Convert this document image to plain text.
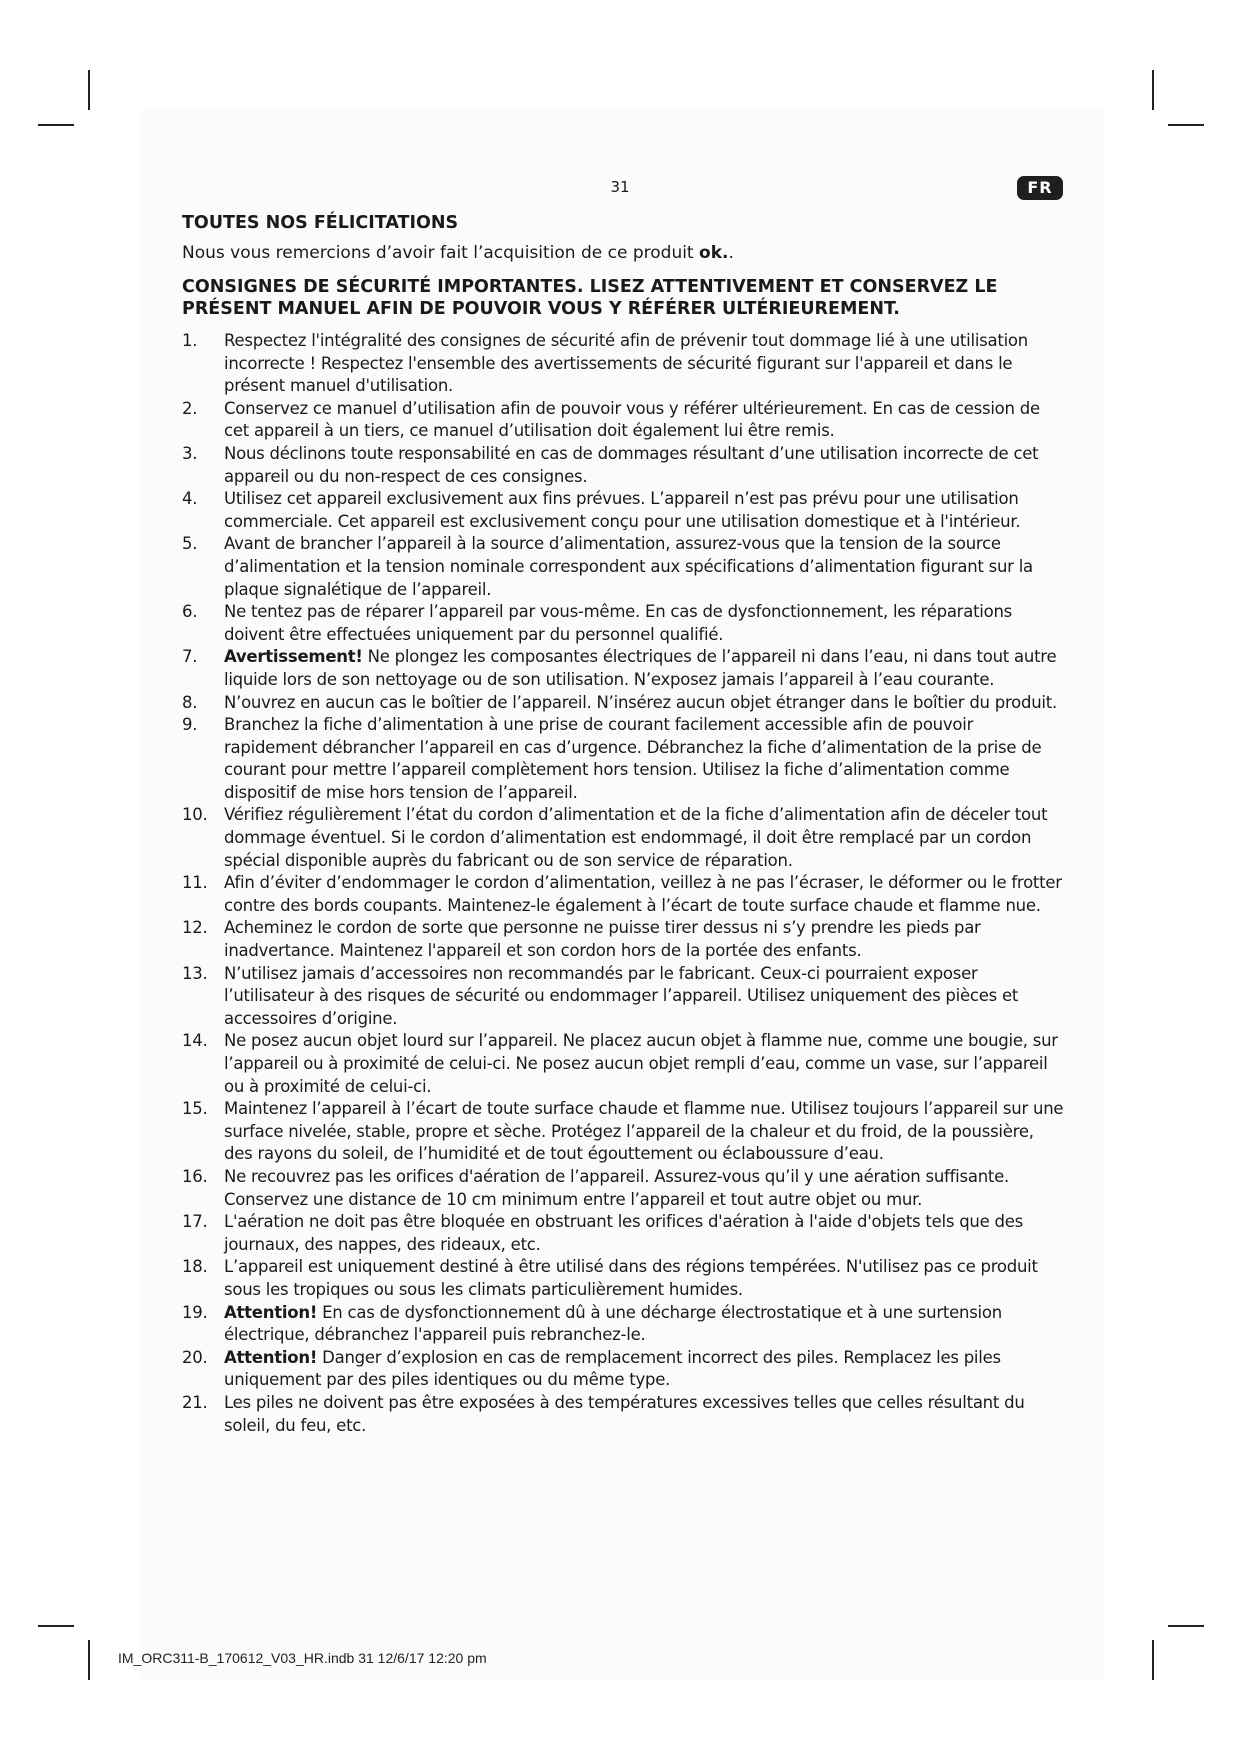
31	FR
TOUTES NOS FÉLICITATIONS

Nous vous remercions d’avoir fait l’acquisition de ce produit ok..

CONSIGNES DE SÉCURITÉ IMPORTANTES. LISEZ ATTENTIVEMENT ET CONSERVEZ LE PRÉSENT MANUEL AFIN DE POUVOIR VOUS Y RÉFÉRER ULTÉRIEUREMENT.
1.	Respectez l'intégralité des consignes de sécurité afin de prévenir tout dommage lié à une utilisation incorrecte ! Respectez l'ensemble des avertissements de sécurité figurant sur l'appareil et dans le présent manuel d'utilisation.
2.	Conservez ce manuel d’utilisation afin de pouvoir vous y référer ultérieurement. En cas de cession de cet appareil à un tiers, ce manuel d’utilisation doit également lui être remis.
3.	Nous déclinons toute responsabilité en cas de dommages résultant d’une utilisation incorrecte de cet appareil ou du non-respect de ces consignes.
4.	Utilisez cet appareil exclusivement aux fins prévues. L’appareil n’est pas prévu pour une utilisation commerciale. Cet appareil est exclusivement conçu pour une utilisation domestique et à l'intérieur.
5.	Avant de brancher l’appareil à la source d’alimentation, assurez-vous que la tension de la source d’alimentation et la tension nominale correspondent aux spécifications d’alimentation figurant sur la plaque signalétique de l’appareil.
6.	Ne tentez pas de réparer l’appareil par vous-même. En cas de dysfonctionnement, les réparations doivent être effectuées uniquement par du personnel qualifié.
7.	Avertissement! Ne plongez les composantes électriques de l’appareil ni dans l’eau, ni dans tout autre liquide lors de son nettoyage ou de son utilisation. N’exposez jamais l’appareil à l’eau courante.
8.	N’ouvrez en aucun cas le boîtier de l’appareil. N’insérez aucun objet étranger dans le boîtier du produit.
9.	Branchez la fiche d’alimentation à une prise de courant facilement accessible afin de pouvoir rapidement débrancher l’appareil en cas d’urgence. Débranchez la fiche d’alimentation de la prise de courant pour mettre l’appareil complètement hors tension. Utilisez la fiche d’alimentation comme dispositif de mise hors tension de l’appareil.
10.	Vérifiez régulièrement l’état du cordon d’alimentation et de la fiche d’alimentation afin de déceler tout dommage éventuel. Si le cordon d’alimentation est endommagé, il doit être remplacé par un cordon spécial disponible auprès du fabricant ou de son service de réparation.
11.	Afin d’éviter d’endommager le cordon d’alimentation, veillez à ne pas l’écraser, le déformer ou le frotter contre des bords coupants. Maintenez-le également à l’écart de toute surface chaude et flamme nue.
12.	Acheminez le cordon de sorte que personne ne puisse tirer dessus ni s’y prendre les pieds par inadvertance. Maintenez l'appareil et son cordon hors de la portée des enfants.
13.	N’utilisez jamais d’accessoires non recommandés par le fabricant. Ceux-ci pourraient exposer l’utilisateur à des risques de sécurité ou endommager l’appareil. Utilisez uniquement des pièces et accessoires d’origine.
14.	Ne posez aucun objet lourd sur l’appareil. Ne placez aucun objet à flamme nue, comme une bougie, sur l’appareil ou à proximité de celui-ci. Ne posez aucun objet rempli d’eau, comme un vase, sur l’appareil ou à proximité de celui-ci.
15.	Maintenez l’appareil à l’écart de toute surface chaude et flamme nue. Utilisez toujours l’appareil sur une surface nivelée, stable, propre et sèche. Protégez l’appareil de la chaleur et du froid, de la poussière, des rayons du soleil, de l’humidité et de tout égouttement ou éclaboussure d’eau.
16.	Ne recouvrez pas les orifices d'aération de l’appareil. Assurez-vous qu’il y une aération suffisante. Conservez une distance de 10 cm minimum entre l’appareil et tout autre objet ou mur.
17.	L'aération ne doit pas être bloquée en obstruant les orifices d'aération à l'aide d'objets tels que des journaux, des nappes, des rideaux, etc.
18.	L’appareil est uniquement destiné à être utilisé dans des régions tempérées. N'utilisez pas ce produit sous les tropiques ou sous les climats particulièrement humides.
19.	Attention! En cas de dysfonctionnement dû à une décharge électrostatique et à une surtension électrique, débranchez l'appareil puis rebranchez-le.
20.	Attention! Danger d’explosion en cas de remplacement incorrect des piles. Remplacez les piles uniquement par des piles identiques ou du même type.
21.	Les piles ne doivent pas être exposées à des températures excessives telles que celles résultant du soleil, du feu, etc.
IM_ORC311-B_170612_V03_HR.indb 31 12/6/17 12:20 pm
